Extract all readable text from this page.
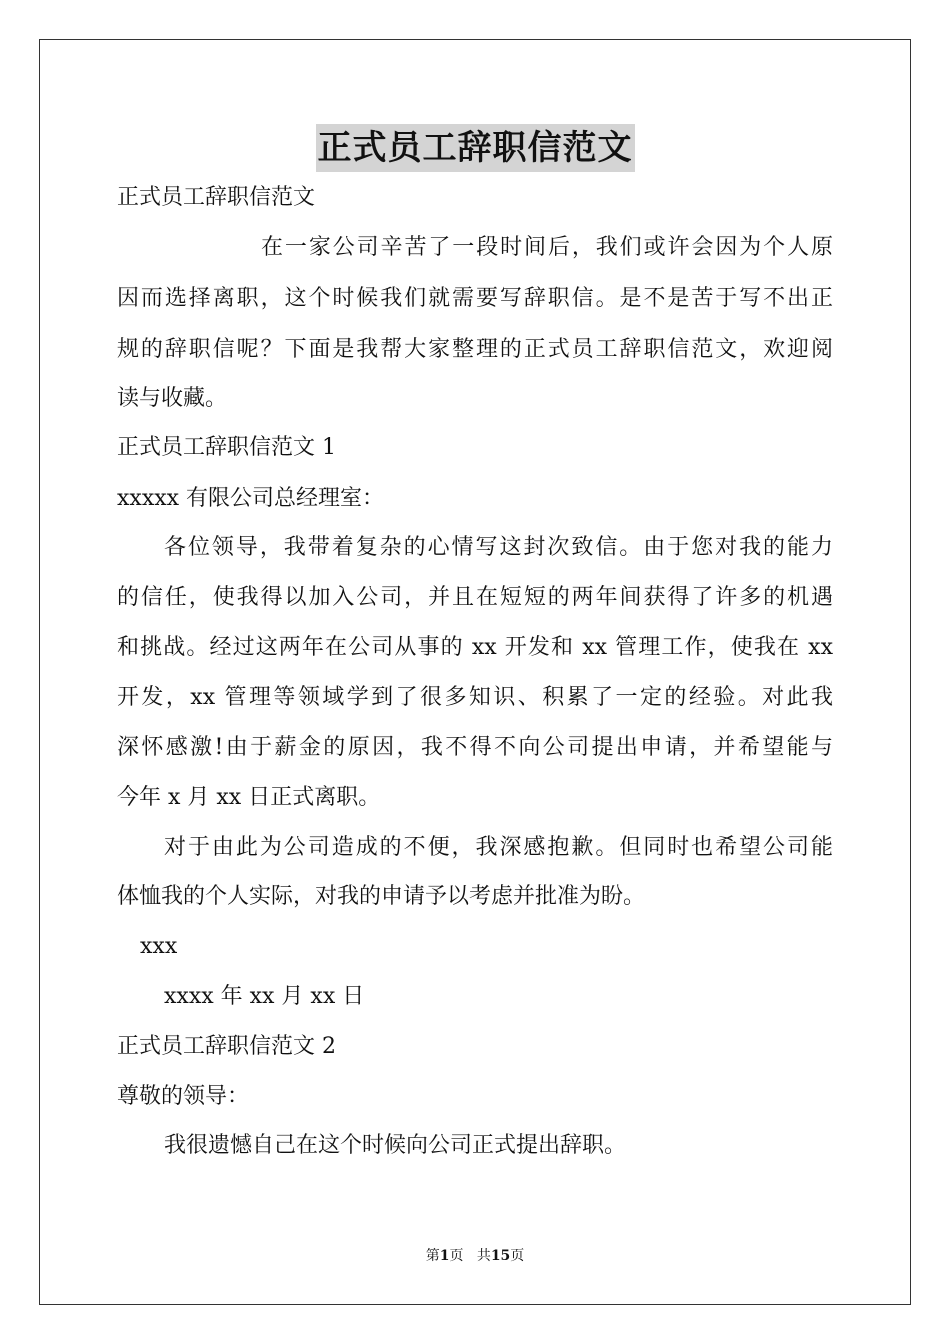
正式员工辞职信范文
正式员工辞职信范文
在一家公司辛苦了一段时间后，我们或许会因为个人原
因而选择离职，这个时候我们就需要写辞职信。是不是苦于写不出正
规的辞职信呢？下面是我帮大家整理的正式员工辞职信范文，欢迎阅
读与收藏。
正式员工辞职信范文 1
xxxxx 有限公司总经理室：
各位领导，我带着复杂的心情写这封次致信。由于您对我的能力
的信任，使我得以加入公司，并且在短短的两年间获得了许多的机遇
和挑战。经过这两年在公司从事的 xx 开发和 xx 管理工作，使我在 xx
开发，xx 管理等领域学到了很多知识、积累了一定的经验。对此我
深怀感激!由于薪金的原因，我不得不向公司提出申请，并希望能与
今年 x 月 xx 日正式离职。
对于由此为公司造成的不便，我深感抱歉。但同时也希望公司能
体恤我的个人实际，对我的申请予以考虑并批准为盼。
xxx
xxxx 年 xx 月 xx 日
正式员工辞职信范文 2
尊敬的领导：
我很遗憾自己在这个时候向公司正式提出辞职。
第1页 共15页
